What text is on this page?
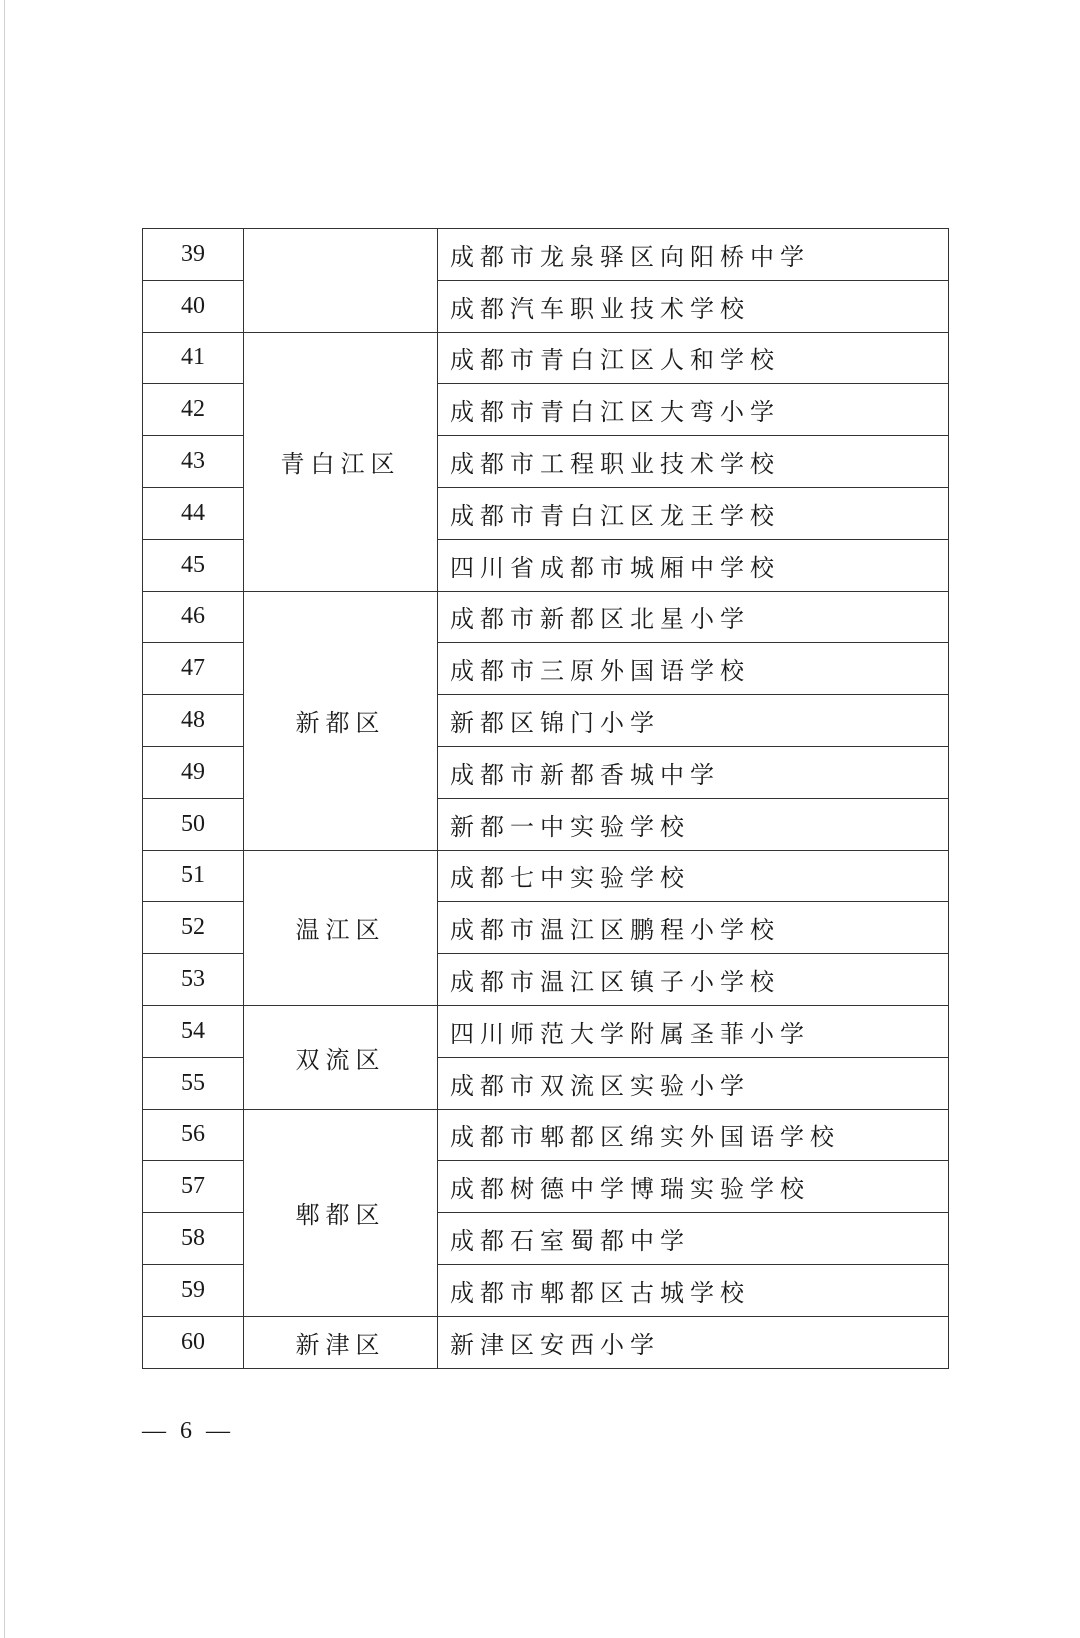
39		成都市龙泉驿区向阳桥中学
40		成都汽车职业技术学校
41	青白江区	成都市青白江区人和学校
42		成都市青白江区大弯小学
43		成都市工程职业技术学校
44		成都市青白江区龙王学校
45		四川省成都市城厢中学校
46	新都区	成都市新都区北星小学
47		成都市三原外国语学校
48		新都区锦门小学
49		成都市新都香城中学
50		新都一中实验学校
51	温江区	成都七中实验学校
52		成都市温江区鹏程小学校
53		成都市温江区镇子小学校
54	双流区	四川师范大学附属圣菲小学
55		成都市双流区实验小学
56	郫都区	成都市郫都区绵实外国语学校
57		成都树德中学博瑞实验学校
58		成都石室蜀都中学
59		成都市郫都区古城学校
60	新津区	新津区安西小学
— 6 —
